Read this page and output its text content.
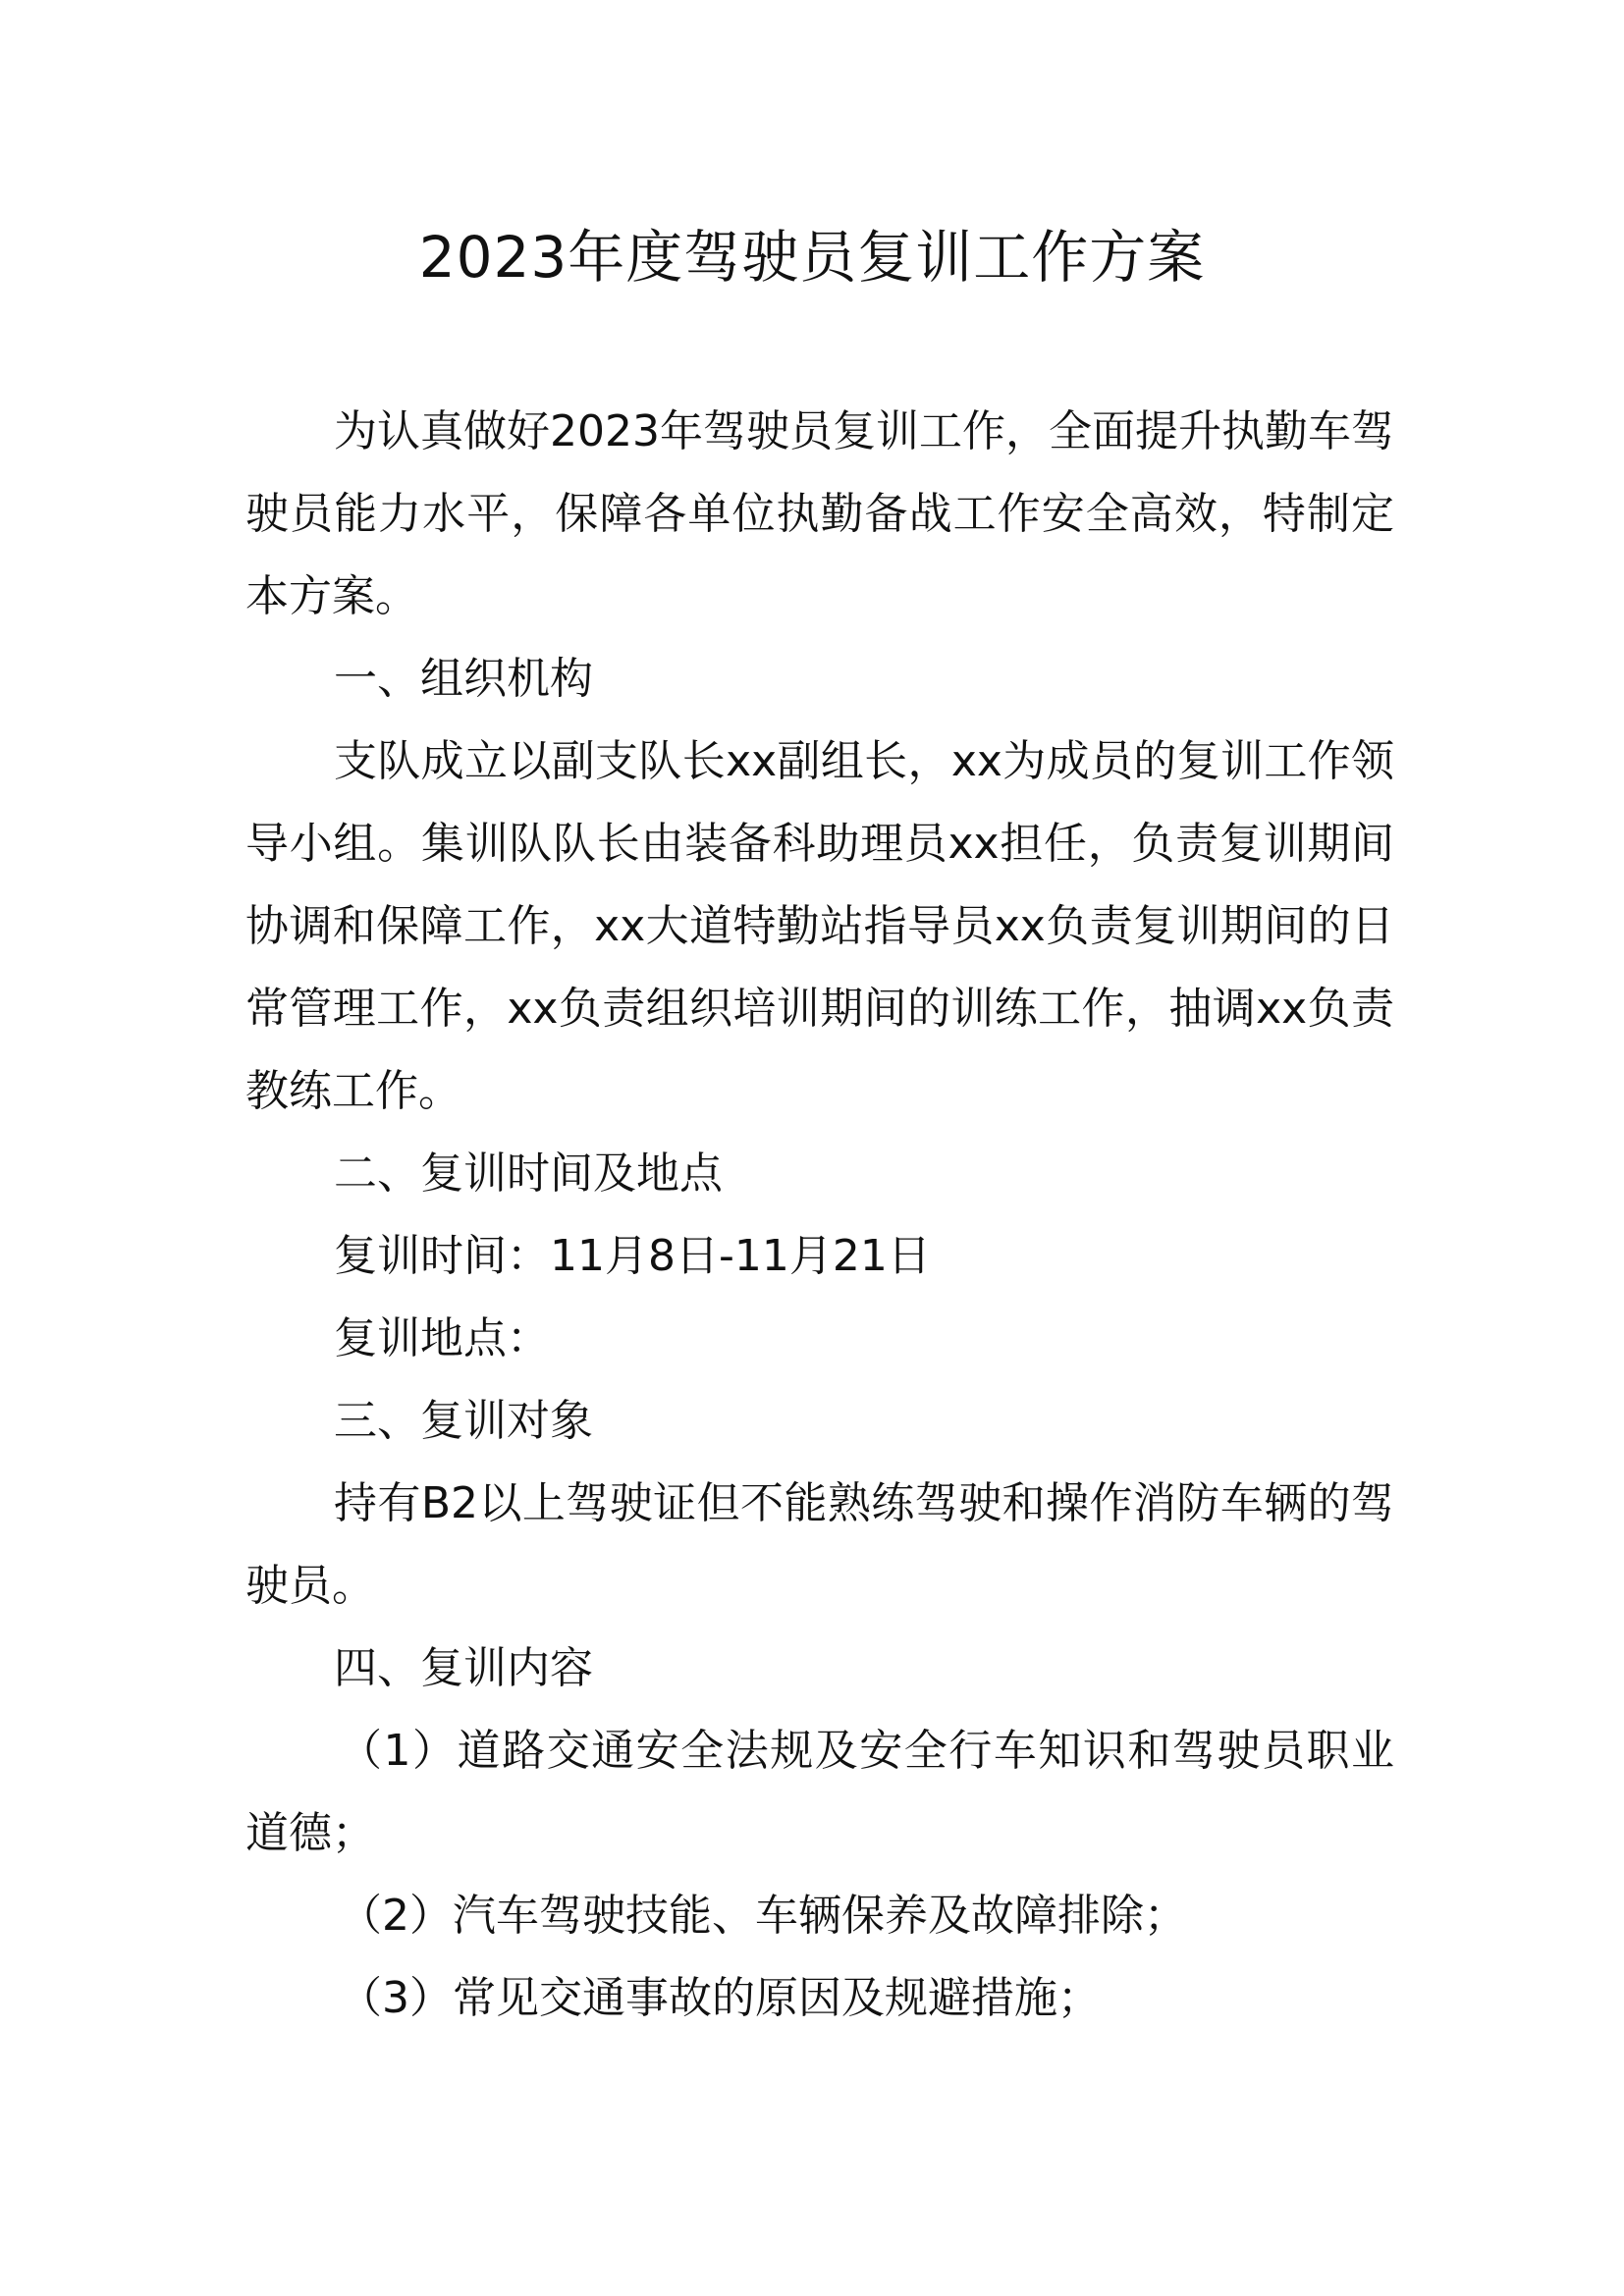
2023年度驾驶员复训工作方案

为认真做好2023年驾驶员复训工作，全面提升执勤车驾驶员能力水平，保障各单位执勤备战工作安全高效，特制定本方案。

一、组织机构

支队成立以副支队长xx副组长，xx为成员的复训工作领导小组。集训队队长由装备科助理员xx担任，负责复训期间协调和保障工作，xx大道特勤站指导员xx负责复训期间的日常管理工作，xx负责组织培训期间的训练工作，抽调xx负责教练工作。

二、复训时间及地点

复训时间：11月8日-11月21日

复训地点：

三、复训对象

持有B2以上驾驶证但不能熟练驾驶和操作消防车辆的驾驶员。

四、复训内容

（1）道路交通安全法规及安全行车知识和驾驶员职业道德；

（2）汽车驾驶技能、车辆保养及故障排除；

（3）常见交通事故的原因及规避措施；
